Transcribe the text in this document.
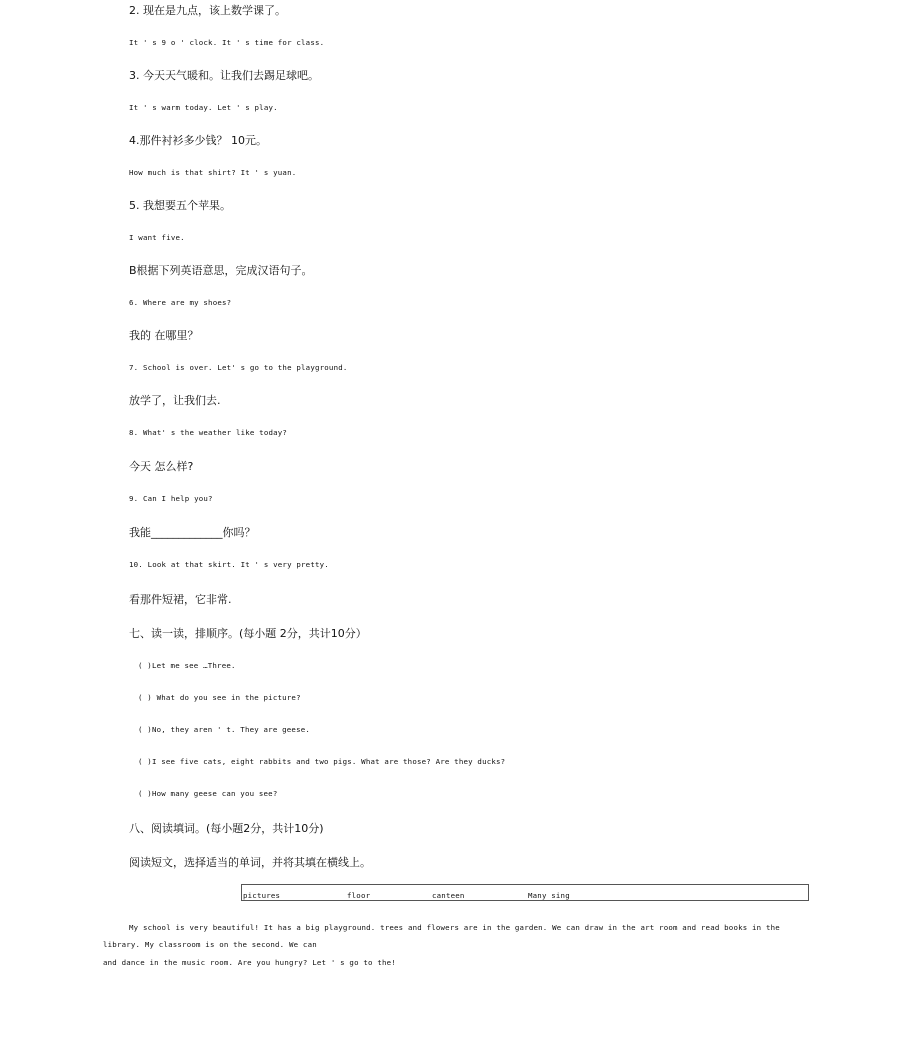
2. 现在是九点，该上数学课了。
It ' s 9 o ' clock. It ' s time for class.
3. 今天天气暖和。让我们去踢足球吧。
It ' s warm today. Let ' s play.
4.那件衬衫多少钱？ 10元。
How much is that shirt? It ' s yuan.
5. 我想要五个苹果。
I want five.
B根据下列英语意思，完成汉语句子。
6. Where are my shoes?
我的 在哪里？
7. School is over. Let' s go to the playground.
放学了，让我们去.
8. What' s the weather like today?
今天 怎么样?
9. Can I help you?
我能_____________你吗？
10. Look at that skirt. It ' s very pretty.
看那件短裙，它非常.
七、读一读，排顺序。(每小题 2分，共计10分）
( )Let me see …Three.
( ) What do you see in the picture?
( )No, they aren ' t. They are geese.
( )I see five cats, eight rabbits and two pigs. What are those? Are they ducks?
( )How many geese can you see?
八、阅读填词。(每小题2分，共计10分)
阅读短文，选择适当的单词，并将其填在横线上。
pictures	floor	canteen	Many sing
My school is very beautiful! It has a big playground. trees and flowers are in the garden. We can draw in the art room and read books in the
library. My classroom is on the second. We can
and dance in the music room. Are you hungry? Let ' s go to the!
